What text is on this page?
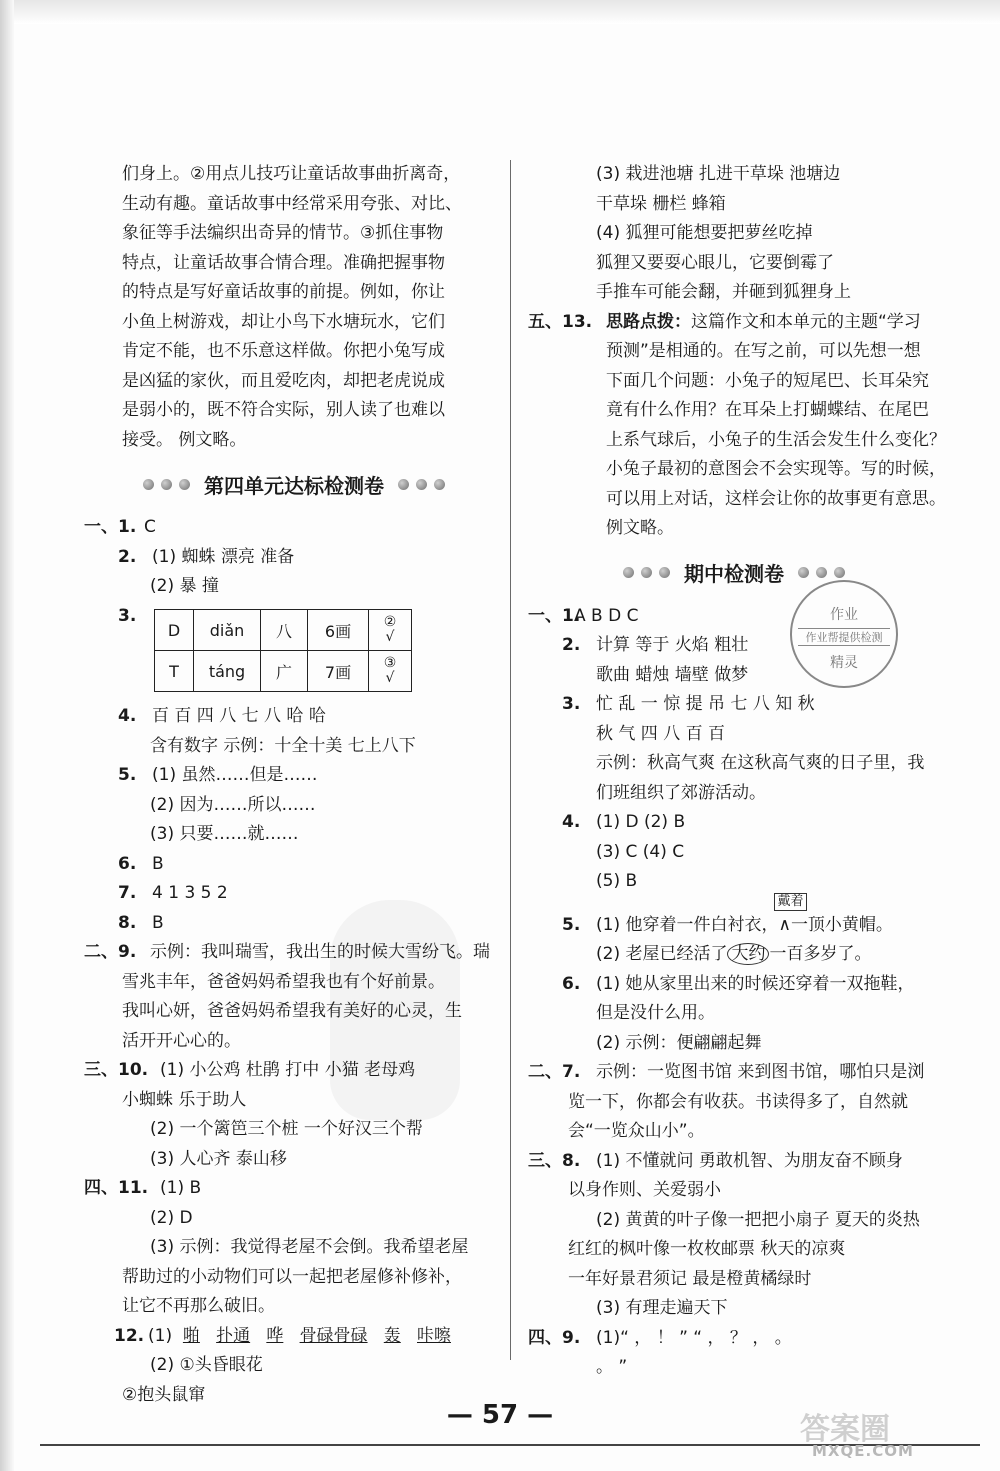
们身上。②用点儿技巧让童话故事曲折离奇，
生动有趣。童话故事中经常采用夸张、对比、
象征等手法编织出奇异的情节。③抓住事物
特点，让童话故事合情合理。准确把握事物
的特点是写好童话故事的前提。例如，你让
小鱼上树游戏，却让小鸟下水塘玩水，它们
肯定不能，也不乐意这样做。你把小兔写成
是凶猛的家伙，而且爱吃肉，却把老虎说成
是弱小的，既不符合实际，别人读了也难以
接受。 例文略。
第四单元达标检测卷
一、1. C
2. (1) 蜘蛛 漂亮 准备
(2) 暴 撞
3.
D	diǎn	八	6画	②
√
T	táng	广	7画	③
√
4. 百 百 四 八 七 八 哈 哈
含有数字 示例：十全十美 七上八下
5. (1) 虽然……但是……
(2) 因为……所以……
(3) 只要……就……
6. B
7. 4 1 3 5 2
8. B
二、9. 示例：我叫瑞雪，我出生的时候大雪纷飞。瑞
雪兆丰年，爸爸妈妈希望我也有个好前景。
我叫心妍，爸爸妈妈希望我有美好的心灵，生
活开开心心的。
三、10. (1) 小公鸡 杜鹃 打中 小猫 老母鸡
小蜘蛛 乐于助人
(2) 一个篱笆三个桩 一个好汉三个帮
(3) 人心齐 泰山移
四、11. (1) B
(2) D
(3) 示例：我觉得老屋不会倒。我希望老屋
帮助过的小动物们可以一起把老屋修补修补，
让它不再那么破旧。
12. (1) 啪 扑通 哗 骨碌骨碌 轰 咔嚓
(2) ①头昏眼花
②抱头鼠窜
(3) 栽进池塘 扎进干草垛 池塘边
干草垛 栅栏 蜂箱
(4) 狐狸可能想要把萝丝吃掉
狐狸又要耍心眼儿，它要倒霉了
手推车可能会翻，并砸到狐狸身上
五、13. 思路点拨：这篇作文和本单元的主题“学习
预测”是相通的。在写之前，可以先想一想
下面几个问题：小兔子的短尾巴、长耳朵究
竟有什么作用？在耳朵上打蝴蝶结、在尾巴
上系气球后，小兔子的生活会发生什么变化？
小兔子最初的意图会不会实现等。写的时候，
可以用上对话，这样会让你的故事更有意思。
例文略。
期中检测卷
一、1.A B D C
2. 计算 等于 火焰 粗壮
歌曲 蜡烛 墙壁 做梦
3. 忙 乱 一 惊 提 吊 七 八 知 秋
秋 气 四 八 百 百
示例：秋高气爽 在这秋高气爽的日子里，我
们班组织了郊游活动。
4. (1) D (2) B
(3) C (4) C
(5) B
5. (1) 他穿着一件白衬衣，
戴着
∧一顶小黄帽。
(2) 老屋已经活了 大约 一百多岁了。
6. (1) 她从家里出来的时候还穿着一双拖鞋，
但是没什么用。
(2) 示例：便翩翩起舞
二、7. 示例：一览图书馆 来到图书馆，哪怕只是浏
览一下，你都会有收获。书读得多了，自然就
会“一览众山小”。
三、8. (1) 不懂就问 勇敢机智、为朋友奋不顾身
以身作则、关爱弱小
(2) 黄黄的叶子像一把把小扇子 夏天的炎热
红红的枫叶像一枚枚邮票 秋天的凉爽
一年好景君须记 最是橙黄橘绿时
(3) 有理走遍天下
四、9. (1)“ ， ！ ” “ ， ？ ， 。
。 ”
作业
作业帮提供检测
精灵
— 57 —	答案圈
MXQE.COM
